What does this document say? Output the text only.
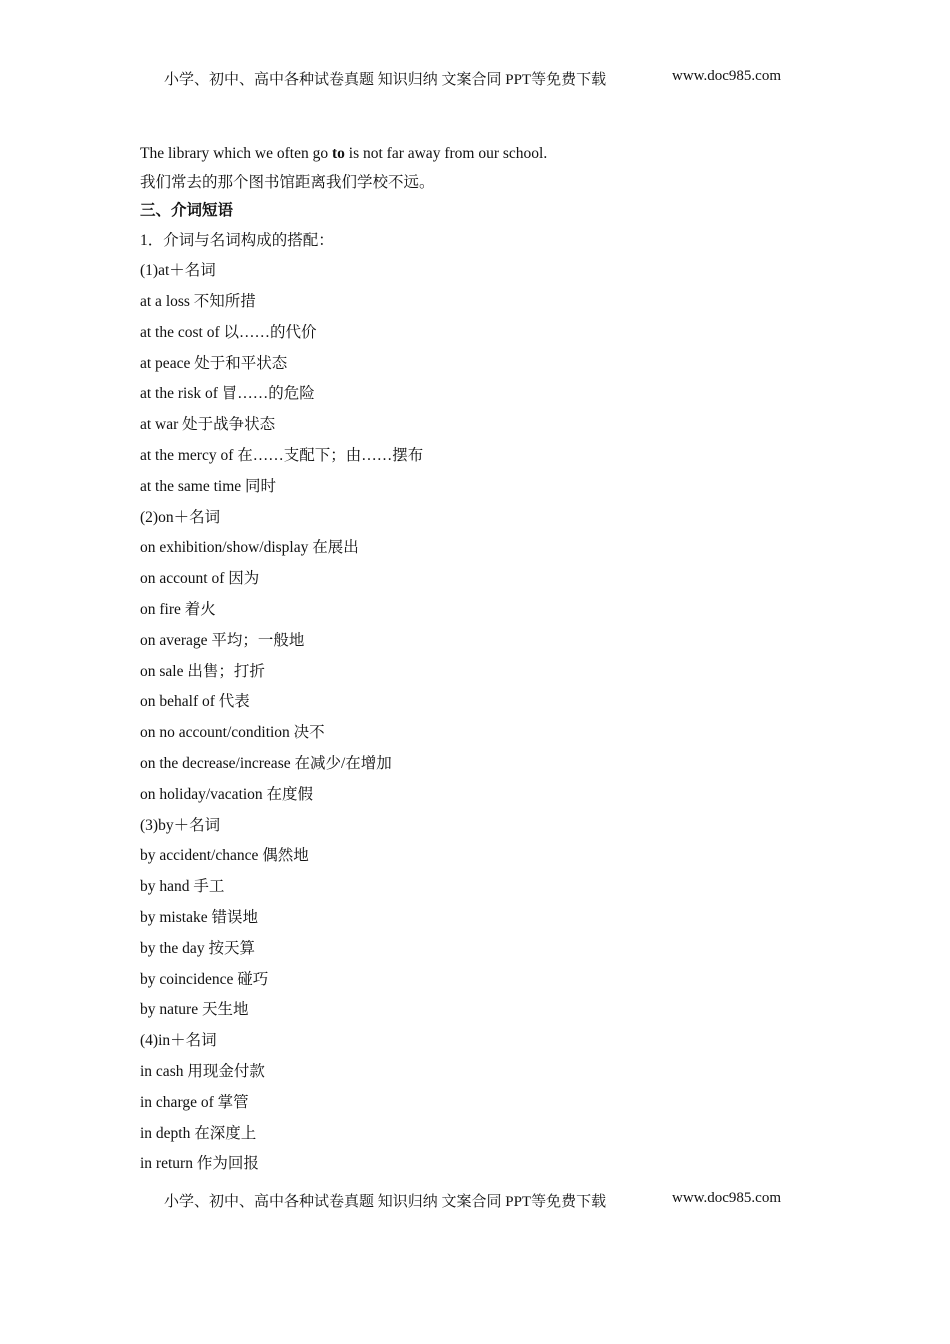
小学、初中、高中各种试卷真题 知识归纳 文案合同 PPT等免费下载	www.doc985.com
The library which we often go to is not far away from our school.
我们常去的那个图书馆距离我们学校不远。
三、介词短语
1．介词与名词构成的搭配：
(1)at＋名词
at a loss 不知所措
at the cost of 以……的代价
at peace 处于和平状态
at the risk of 冒……的危险
at war 处于战争状态
at the mercy of 在……支配下；由……摆布
at the same time 同时
(2)on＋名词
on exhibition/show/display 在展出
on account of 因为
on fire 着火
on average 平均；一般地
on sale 出售；打折
on behalf of 代表
on no account/condition 决不
on the decrease/increase 在减少/在增加
on holiday/vacation 在度假
(3)by＋名词
by accident/chance 偶然地
by hand 手工
by mistake 错误地
by the day 按天算
by coincidence 碰巧
by nature 天生地
(4)in＋名词
in cash 用现金付款
in charge of 掌管
in depth 在深度上
in return 作为回报
小学、初中、高中各种试卷真题 知识归纳 文案合同 PPT等免费下载	www.doc985.com
